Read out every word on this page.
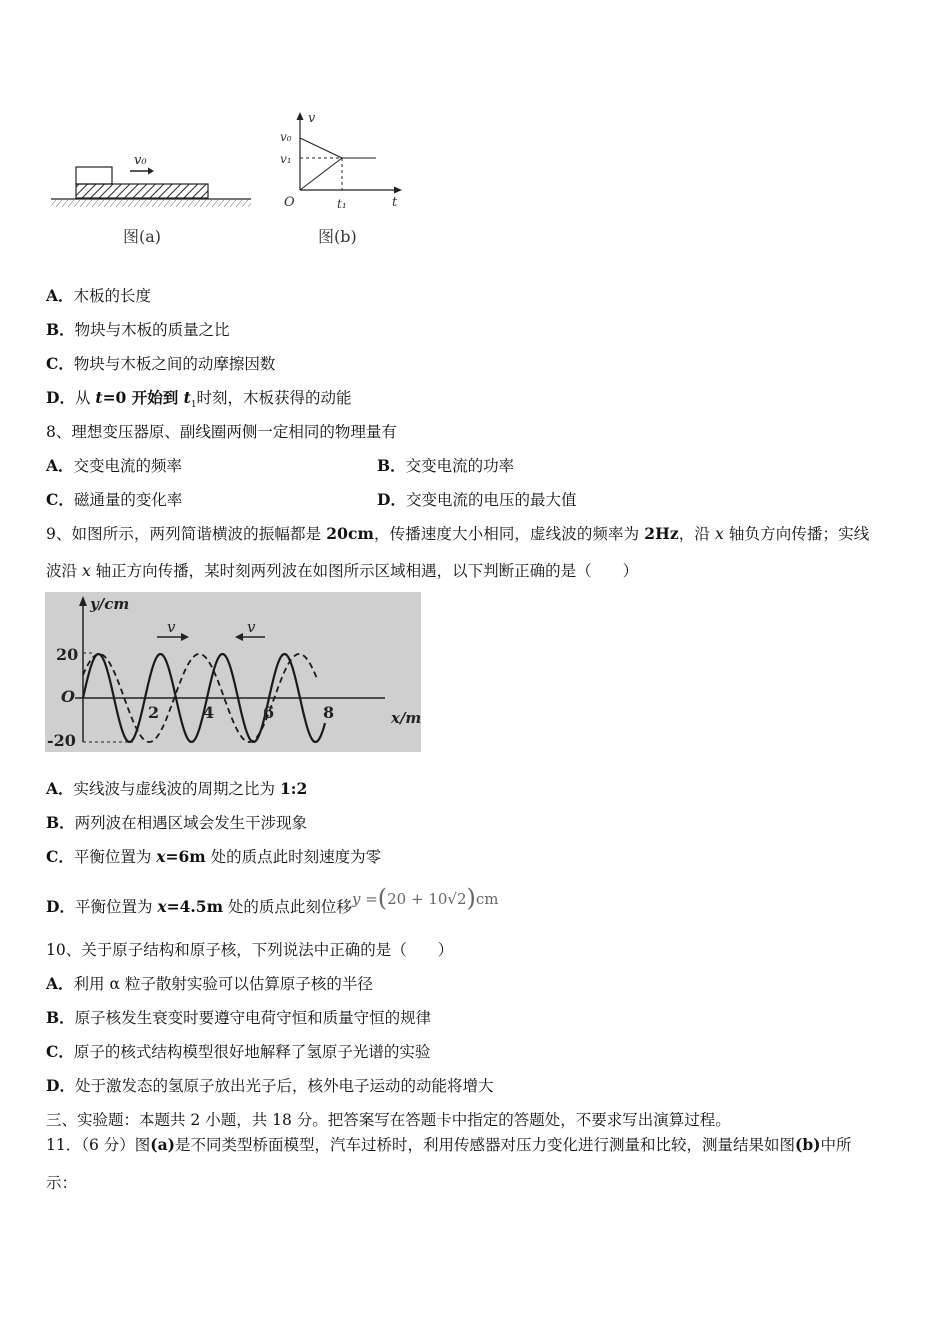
v₀
图(a)
v
v₀
v₁
O	t₁	t
图(b)
A．木板的长度
B．物块与木板的质量之比
C．物块与木板之间的动摩擦因数
D．从 t=0 开始到 $t_1$时刻，木板获得的动能
8、理想变压器原、副线圈两侧一定相同的物理量有
A．交变电流的频率	B．交变电流的功率
C．磁通量的变化率	D．交变电流的电压的最大值
9、如图所示，两列简谐横波的振幅都是 20cm，传播速度大小相同，虚线波的频率为 2Hz，沿 x 轴负方向传播；实线
波沿 x 轴正方向传播，某时刻两列波在如图所示区域相遇，以下判断正确的是（　　）
v	v
y/cm
x/m
20
-20
O
2	4	6	8
A．实线波与虚线波的周期之比为 1:2
B．两列波在相遇区域会发生干涉现象
C．平衡位置为 x=6m 处的质点此时刻速度为零
D．平衡位置为 x=4.5m 处的质点此刻位移y =(20 + 10√2)cm
10、关于原子结构和原子核，下列说法中正确的是（　　）
A．利用 α 粒子散射实验可以估算原子核的半径
B．原子核发生衰变时要遵守电荷守恒和质量守恒的规律
C．原子的核式结构模型很好地解释了氢原子光谱的实验
D．处于激发态的氢原子放出光子后，核外电子运动的动能将增大
三、实验题：本题共 2 小题，共 18 分。把答案写在答题卡中指定的答题处，不要求写出演算过程。
11．（6 分）图(a)是不同类型桥面模型，汽车过桥时，利用传感器对压力变化进行测量和比较，测量结果如图(b)中所
示：
